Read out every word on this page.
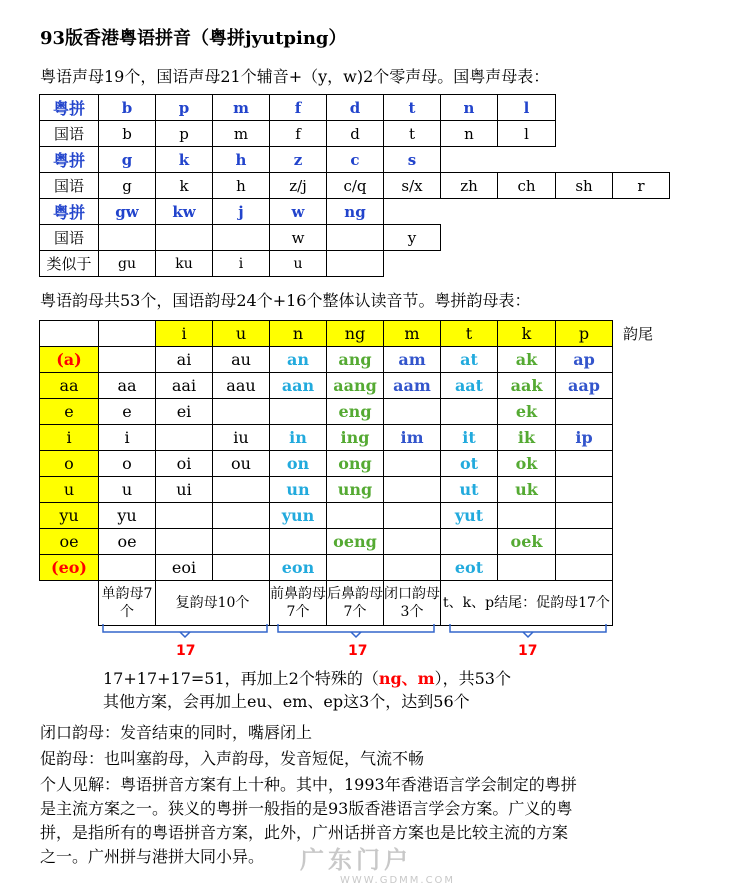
93版香港粤语拼音（粤拼jyutping）
粤语声母19个，国语声母21个辅音+（y，w)2个零声母。国粤声母表：
粤拼	b	p	m	f	d	t	n	l		
国语	b	p	m	f	d	t	n	l		
粤拼	g	k	h	z	c	s				
国语	g	k	h	z/j	c/q	s/x	zh	ch	sh	r
粤拼	gw	kw	j	w	ng					
国语				w		y				
类似于	gu	ku	i	u						
粤语韵母共53个，国语韵母24个+16个整体认读音节。粤拼韵母表：
		i	u	n	ng	m	t	k	p	韵尾
(a)		ai	au	an	ang	am	at	ak	ap	
aa	aa	aai	aau	aan	aang	aam	aat	aak	aap	
e	e	ei			eng			ek		
i	i		iu	in	ing	im	it	ik	ip	
o	o	oi	ou	on	ong		ot	ok		
u	u	ui		un	ung		ut	uk		
yu	yu			yun			yut			
oe	oe				oeng			oek		
(eo)		eoi		eon			eot			
	单韵母7个	复韵母10个		前鼻韵母7个	后鼻韵母7个	闭口韵母3个	t、k、p结尾：促韵母17个			
17	17	17
17+17+17=51，再加上2个特殊的（ng、m），共53个
其他方案，会再加上eu、em、ep这3个，达到56个
闭口韵母：发音结束的同时，嘴唇闭上
促韵母：也叫塞韵母，入声韵母，发音短促，气流不畅
个人见解：粤语拼音方案有上十种。其中，1993年香港语言学会制定的粤拼
是主流方案之一。狭义的粤拼一般指的是93版香港语言学会方案。广义的粤
拼，是指所有的粤语拼音方案，此外，广州话拼音方案也是比较主流的方案
之一。广州拼与港拼大同小异。 广东门户
WWW.GDMM.COM
